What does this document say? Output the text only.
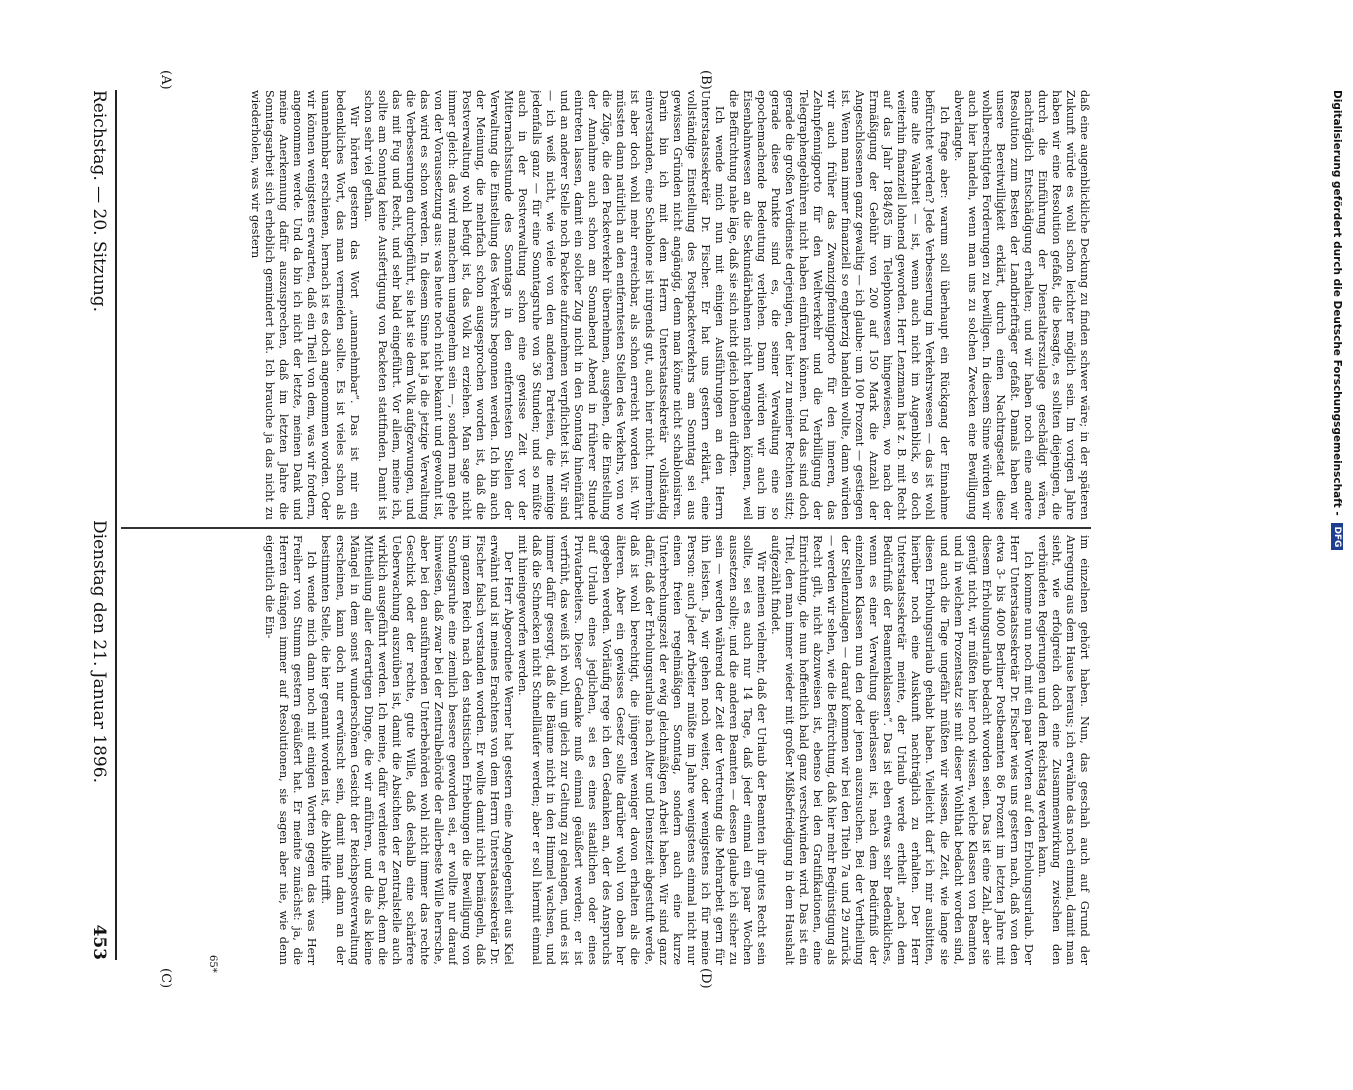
Reichstag. — 20. Sitzung.
Dienstag den 21. Januar 1896.
453

daß eine augenblickliche Deckung zu finden schwer wäre; in der späteren Zukunft würde es wohl schon leichter möglich sein. Im vorigen Jahre haben wir eine Resolution gefaßt, die besagte, es sollten diejenigen, die durch die Einführung der Dienstalterszulage geschädigt wären, nachträglich Entschädigung erhalten; und wir haben noch eine andere Resolution zum Besten der Landbriefträger gefaßt. Damals haben wir unsere Bereitwilligkeit erklärt, durch einen Nachtragsetat diese wohlberechtigten Forderungen zu bewilligen. In diesem Sinne würden wir auch hier handeln, wenn man uns zu solchen Zwecken eine Bewilligung abverlangte.

Ich frage aber: warum soll überhaupt ein Rückgang der Einnahme befürchtet werden? Jede Verbesserung im Verkehrswesen — das ist wohl eine alte Wahrheit — ist, wenn auch nicht im Augenblick, so doch weiterhin finanziell lohnend geworden. Herr Lenzmann hat z. B. mit Recht auf das Jahr 1884/85 im Telephonwesen hingewiesen, wo nach der Ermäßigung der Gebühr von 200 auf 150 Mark die Anzahl der Angeschlossenen ganz gewaltig — ich glaube: um 100 Prozent — gestiegen ist. Wenn man immer finanziell so engherzig handeln wollte, dann würden wir auch früher das Zwanzigpfennigporto für den inneren, das Zehnpfennigporto für den Weltverkehr und die Verbilligung der Telegraphengebühren nicht haben einführen können. Und das sind doch gerade die großen Verdienste derjenigen, der hier zu meiner Rechten sitzt; gerade diese Punkte sind es, die seiner Verwaltung eine so epochemachende Bedeutung verliehen. Dann würden wir auch im Eisenbahnwesen an die Sekundärbahnen nicht herangehen können, weil die Befürchtung nahe läge, daß sie sich nicht gleich lohnen dürften.

Ich wende mich nun mit einigen Ausführungen an den Herrn Unterstaatssekretär Dr. Fischer. Er hat uns gestern erklärt, eine vollständige Einstellung des Postpacketverkehrs am Sonntag sei aus gewissen Gründen nicht angängig, denn man könne nicht schablonisiren. Darin bin ich mit dem Herrn Unterstaatssekretär vollständig einverstanden, eine Schablone ist nirgends gut, auch hier nicht. Immerhin ist aber doch wohl mehr erreichbar, als schon erreicht worden ist. Wir müssten dann natürlich an den entferntesten Stellen des Verkehrs, von wo die Züge, die den Packetverkehr übernehmen, ausgehen, die Einstellung der Annahme auch schon am Sonnabend Abend in früherer Stunde eintreten lassen, damit ein solcher Zug nicht in den Sonntag hineinfährt und an anderer Stelle noch Packete aufzunehmen verpflichtet ist. Wir sind — ich weiß nicht, wie viele von den anderen Parteien, die meinige jedenfalls ganz — für eine Sonntagsruhe von 36 Stunden; und so müßte auch in der Postverwaltung schon eine gewisse Zeit vor der Mitternachtsstunde des Sonntags in den entferntesten Stellen der Verwaltung die Einstellung des Verkehrs begonnen werden. Ich bin auch der Meinung, die mehrfach schon ausgesprochen worden ist, daß die Postverwaltung wohl befugt ist, das Volk zu erziehen. Man sage nicht immer gleich: das wird manchem unangenehm sein —, sondern man gehe von der Voraussetzung aus: was heute noch nicht bekannt und gewohnt ist, das wird es schon werden. In diesem Sinne hat ja die jetzige Verwaltung die Verbesserungen durchgeführt, sie hat sie dem Volk aufgezwungen, und das mit Fug und Recht, und sehr bald eingeführt. Vor allem, meine ich, sollte am Sonntag keine Ausfertigung von Packeten stattfinden. Damit ist schon sehr viel gethan.

Wir hörten gestern das Wort „unannehmbar“. Das ist mir ein bedenkliches Wort, das man vermeiden sollte. Es ist vieles schon als unannehmbar erschienen, hernach ist es doch angenommen worden. Oder wir können wenigstens erwarten, daß ein Theil von dem, was wir fordern, angenommen werde. Und da bin ich nicht der letzte, meinen Dank und meine Anerkennung dafür auszusprechen, daß im letzten Jahre die Sonntagsarbeit sich erheblich gemindert hat. Ich brauche ja das nicht zu wiederholen, was wir gestern

im einzelnen gehört haben. Nun, das geschah auch auf Grund der Anregung aus dem Hause heraus; ich erwähne das noch einmal, damit man sieht, wie erfolgreich doch eine Zusammenwirkung zwischen den verbündeten Regierungen und dem Reichstag werden kann.

Ich komme nun noch mit ein paar Worten auf den Erholungsurlaub. Der Herr Unterstaatssekretär Dr. Fischer wies uns gestern nach, daß von den etwa 3- bis 4000 Berliner Postbeamten 86 Prozent im letzten Jahre mit diesem Erholungsurlaub bedacht worden seien. Das ist eine Zahl, aber sie genügt nicht, wir müßten hier noch wissen, welche Klassen von Beamten und in welchem Prozentsatz sie mit dieser Wohlthat bedacht worden sind, und auch die Tage ungefähr müßten wir wissen, die Zeit, wie lange sie diesen Erholungsurlaub gehabt haben. Vielleicht darf ich mir ausbitten, hierüber noch eine Auskunft nachträglich zu erhalten. Der Herr Unterstaatssekretär meinte, der Urlaub werde ertheilt „nach dem Bedürfniß der Beamtenklassen“. Das ist eben etwas sehr Bedenkliches, wenn es einer Verwaltung überlassen ist, nach dem Bedürfniß der einzelnen Klassen nun den oder jenen auszusuchen. Bei der Vertheilung der Stellenzulagen — darauf kommen wir bei den Titeln 7a und 29 zurück — werden wir sehen, wie die Befürchtung, daß hier mehr Begünstigung als Recht gilt, nicht abzuweisen ist, ebenso bei den Gratifikationen, eine Einrichtung, die nun hoffentlich bald ganz verschwinden wird. Das ist ein Titel, den man immer wieder mit großer Mißbefriedigung in dem Haushalt aufgezählt findet.

Wir meinen vielmehr, daß der Urlaub der Beamten ihr gutes Recht sein sollte, sei es auch nur 14 Tage, daß jeder einmal ein paar Wochen aussetzen sollte; und die anderen Beamten — dessen glaube ich sicher zu sein — werden während der Zeit der Vertretung die Mehrarbeit gern für ihn leisten. Ja, wir gehen noch weiter, oder wenigstens ich für meine Person: auch jeder Arbeiter müßte im Jahre wenigstens einmal nicht nur einen freien regelmäßigen Sonntag, sondern auch eine kurze Unterbrechungszeit der ewig gleichmäßigen Arbeit haben. Wir sind ganz dafür, daß der Erholungsurlaub nach Alter und Dienstzeit abgestuft werde, daß ist wohl berechtigt, die jüngeren weniger davon erhalten als die älteren. Aber ein gewisses Gesetz sollte darüber wohl von oben her gegeben werden. Vorläufig rege ich den Gedanken an, der des Anspruchs auf Urlaub eines jeglichen, sei es eines staatlichen oder eines Privatarbeiters. Dieser Gedanke muß einmal geäußert werden; er ist verfrüht, das weiß ich wohl, um gleich zur Geltung zu gelangen, und es ist immer dafür gesorgt, daß die Bäume nicht in den Himmel wachsen, und daß die Schnecken nicht Schnellläufer werden; aber er soll hiermit einmal mit hineingeworfen werden.

Der Herr Abgeordnete Werner hat gestern eine Angelegenheit aus Kiel erwähnt und ist meines Erachtens von dem Herrn Unterstaatssekretär Dr. Fischer falsch verstanden worden. Er wollte damit nicht bemängeln, daß im ganzen Reich nach den statistischen Erhebungen die Bewilligung von Sonntagsruhe eine ziemlich bessere geworden sei, er wollte nur darauf hinweisen, daß zwar bei der Zentralbehörde der allerbeste Wille herrsche, aber bei den ausführenden Unterbehörden wohl nicht immer das rechte Geschick oder der rechte, gute Wille, daß deshalb eine schärfere Ueberwachung auszuüben ist, damit die Absichten der Zentralstelle auch wirklich ausgeführt werden. Ich meine, dafür verdiente er Dank; denn die Mittheilung aller derartigen Dinge, die wir anführen, und die als kleine Mängel in dem sonst wunderschönen Gesicht der Reichspostverwaltung erscheinen, kann doch nur erwünscht sein, damit man dann an der bestimmten Stelle, die hier genannt worden ist, die Abhilfe trifft.

Ich wende mich dann noch mit einigen Worten gegen das was Herr Freiherr von Stumm gestern geäußert hat. Er meinte zunächst: ja, die Herren drängen immer auf Resolutionen, sie sagen aber nie, wie denn eigentlich die Ein-

(A)	(B)
(C)	(D)
65*
Digitalisierung gefördert durch die Deutsche Forschungsgemeinschaft - DFG
